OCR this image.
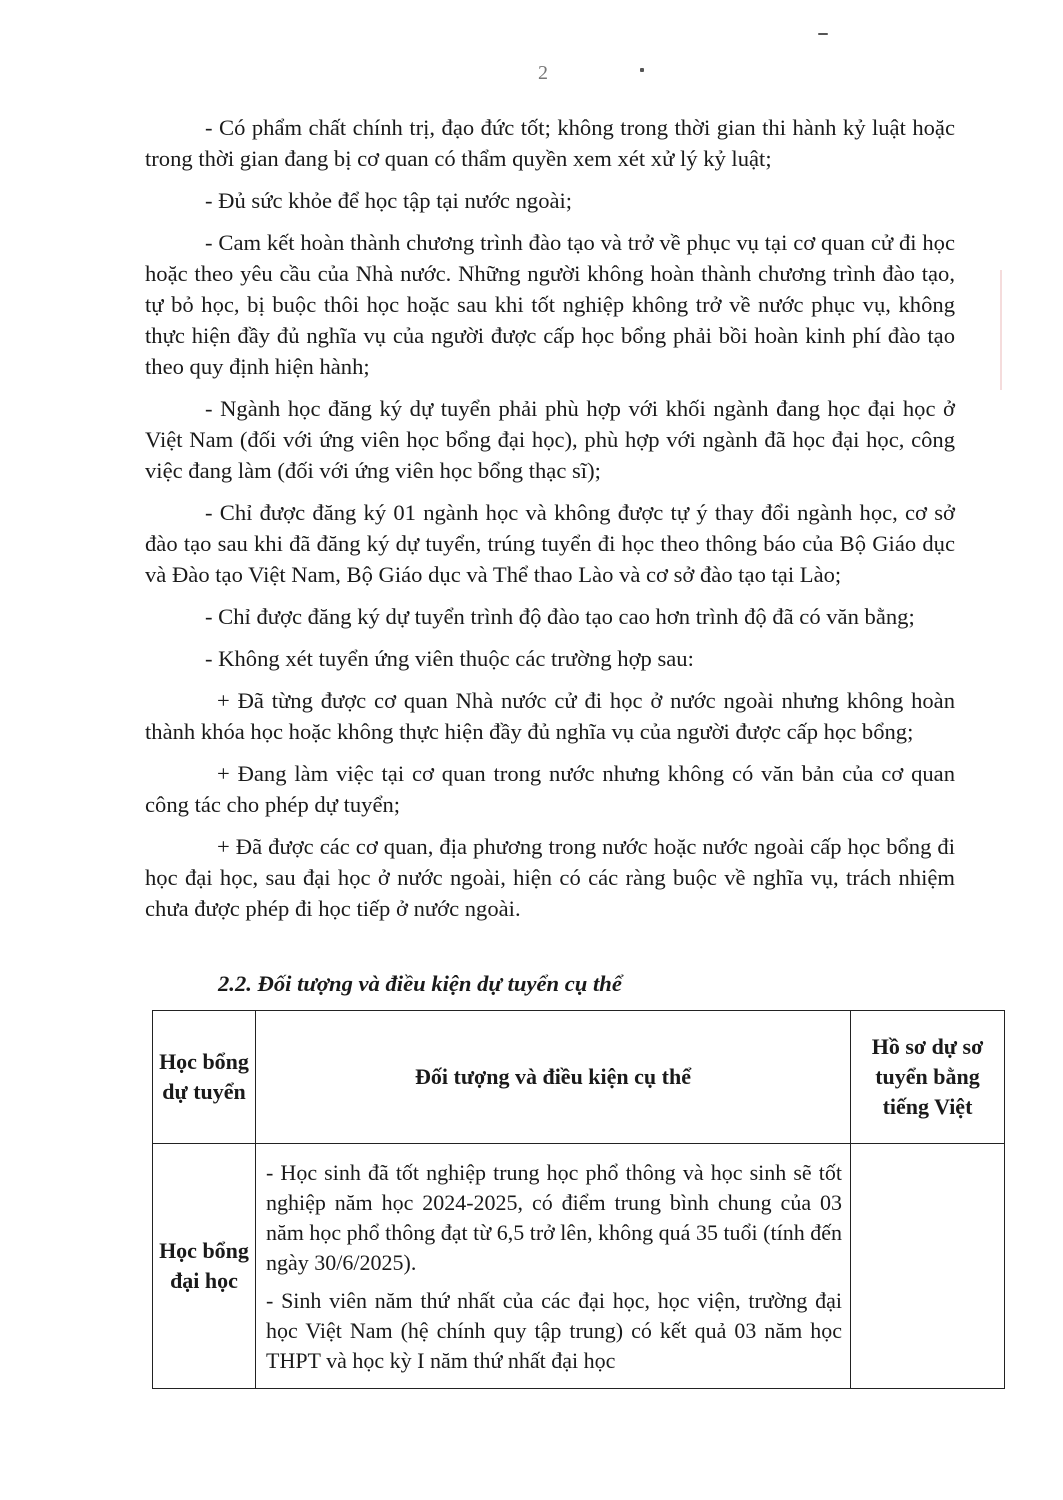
2

- Có phẩm chất chính trị, đạo đức tốt; không trong thời gian thi hành kỷ luật hoặc trong thời gian đang bị cơ quan có thẩm quyền xem xét xử lý kỷ luật;

- Đủ sức khỏe để học tập tại nước ngoài;

- Cam kết hoàn thành chương trình đào tạo và trở về phục vụ tại cơ quan cử đi học hoặc theo yêu cầu của Nhà nước. Những người không hoàn thành chương trình đào tạo, tự bỏ học, bị buộc thôi học hoặc sau khi tốt nghiệp không trở về nước phục vụ, không thực hiện đầy đủ nghĩa vụ của người được cấp học bổng phải bồi hoàn kinh phí đào tạo theo quy định hiện hành;

- Ngành học đăng ký dự tuyển phải phù hợp với khối ngành đang học đại học ở Việt Nam (đối với ứng viên học bổng đại học), phù hợp với ngành đã học đại học, công việc đang làm (đối với ứng viên học bổng thạc sĩ);

- Chỉ được đăng ký 01 ngành học và không được tự ý thay đổi ngành học, cơ sở đào tạo sau khi đã đăng ký dự tuyển, trúng tuyển đi học theo thông báo của Bộ Giáo dục và Đào tạo Việt Nam, Bộ Giáo dục và Thể thao Lào và cơ sở đào tạo tại Lào;

- Chỉ được đăng ký dự tuyển trình độ đào tạo cao hơn trình độ đã có văn bằng;

- Không xét tuyển ứng viên thuộc các trường hợp sau:

+ Đã từng được cơ quan Nhà nước cử đi học ở nước ngoài nhưng không hoàn thành khóa học hoặc không thực hiện đầy đủ nghĩa vụ của người được cấp học bổng;

+ Đang làm việc tại cơ quan trong nước nhưng không có văn bản của cơ quan công tác cho phép dự tuyển;

+ Đã được các cơ quan, địa phương trong nước hoặc nước ngoài cấp học bổng đi học đại học, sau đại học ở nước ngoài, hiện có các ràng buộc về nghĩa vụ, trách nhiệm chưa được phép đi học tiếp ở nước ngoài.

2.2. Đối tượng và điều kiện dự tuyển cụ thể
Học bổng dự tuyển	Đối tượng và điều kiện cụ thể	Hồ sơ dự sơ tuyển bằng tiếng Việt
Học bổng đại học	- Học sinh đã tốt nghiệp trung học phổ thông và học sinh sẽ tốt nghiệp năm học 2024-2025, có điểm trung bình chung của 03 năm học phổ thông đạt từ 6,5 trở lên, không quá 35 tuổi (tính đến ngày 30/6/2025).

- Sinh viên năm thứ nhất của các đại học, học viện, trường đại học Việt Nam (hệ chính quy tập trung) có kết quả 03 năm học THPT và học kỳ I năm thứ nhất đại học	
